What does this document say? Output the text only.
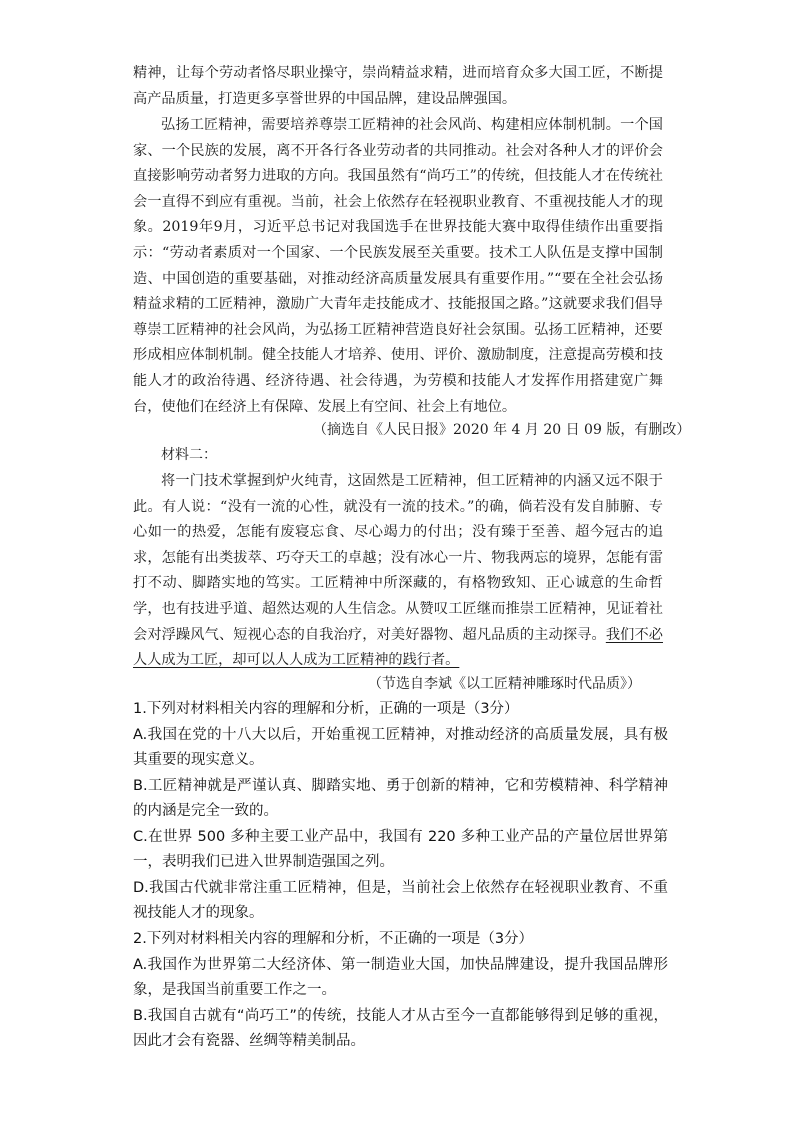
精神，让每个劳动者恪尽职业操守，崇尚精益求精，进而培育众多大国工匠，不断提高产品质量，打造更多享誉世界的中国品牌，建设品牌强国。

弘扬工匠精神，需要培养尊崇工匠精神的社会风尚、构建相应体制机制。一个国家、一个民族的发展，离不开各行各业劳动者的共同推动。社会对各种人才的评价会直接影响劳动者努力进取的方向。我国虽然有“尚巧工”的传统，但技能人才在传统社会一直得不到应有重视。当前，社会上依然存在轻视职业教育、不重视技能人才的现象。2019年9月，习近平总书记对我国选手在世界技能大赛中取得佳绩作出重要指示：“劳动者素质对一个国家、一个民族发展至关重要。技术工人队伍是支撑中国制造、中国创造的重要基础，对推动经济高质量发展具有重要作用。”“要在全社会弘扬精益求精的工匠精神，激励广大青年走技能成才、技能报国之路。”这就要求我们倡导尊崇工匠精神的社会风尚，为弘扬工匠精神营造良好社会氛围。弘扬工匠精神，还要形成相应体制机制。健全技能人才培养、使用、评价、激励制度，注意提高劳模和技能人才的政治待遇、经济待遇、社会待遇，为劳模和技能人才发挥作用搭建宽广舞台，使他们在经济上有保障、发展上有空间、社会上有地位。

（摘选自《人民日报》2020 年 4 月 20 日 09 版，有删改）
材料二：

将一门技术掌握到炉火纯青，这固然是工匠精神，但工匠精神的内涵又远不限于此。有人说：“没有一流的心性，就没有一流的技术。”的确，倘若没有发自肺腑、专心如一的热爱，怎能有废寝忘食、尽心竭力的付出；没有臻于至善、超今冠古的追求，怎能有出类拔萃、巧夺天工的卓越；没有冰心一片、物我两忘的境界，怎能有雷打不动、脚踏实地的笃实。工匠精神中所深藏的，有格物致知、正心诚意的生命哲学，也有技进乎道、超然达观的人生信念。从赞叹工匠继而推崇工匠精神，见证着社会对浮躁风气、短视心态的自我治疗，对美好器物、超凡品质的主动探寻。我们不必人人成为工匠，却可以人人成为工匠精神的践行者。

（节选自李斌《以工匠精神雕琢时代品质》）

1.下列对材料相关内容的理解和分析，正确的一项是（3分）

A.我国在党的十八大以后，开始重视工匠精神，对推动经济的高质量发展，具有极其重要的现实意义。

B.工匠精神就是严谨认真、脚踏实地、勇于创新的精神，它和劳模精神、科学精神的内涵是完全一致的。

C.在世界 500 多种主要工业产品中，我国有 220 多种工业产品的产量位居世界第一，表明我们已进入世界制造强国之列。

D.我国古代就非常注重工匠精神，但是，当前社会上依然存在轻视职业教育、不重视技能人才的现象。

2.下列对材料相关内容的理解和分析，不正确的一项是（3分）

A.我国作为世界第二大经济体、第一制造业大国，加快品牌建设，提升我国品牌形象，是我国当前重要工作之一。

B.我国自古就有“尚巧工”的传统，技能人才从古至今一直都能够得到足够的重视，因此才会有瓷器、丝绸等精美制品。
